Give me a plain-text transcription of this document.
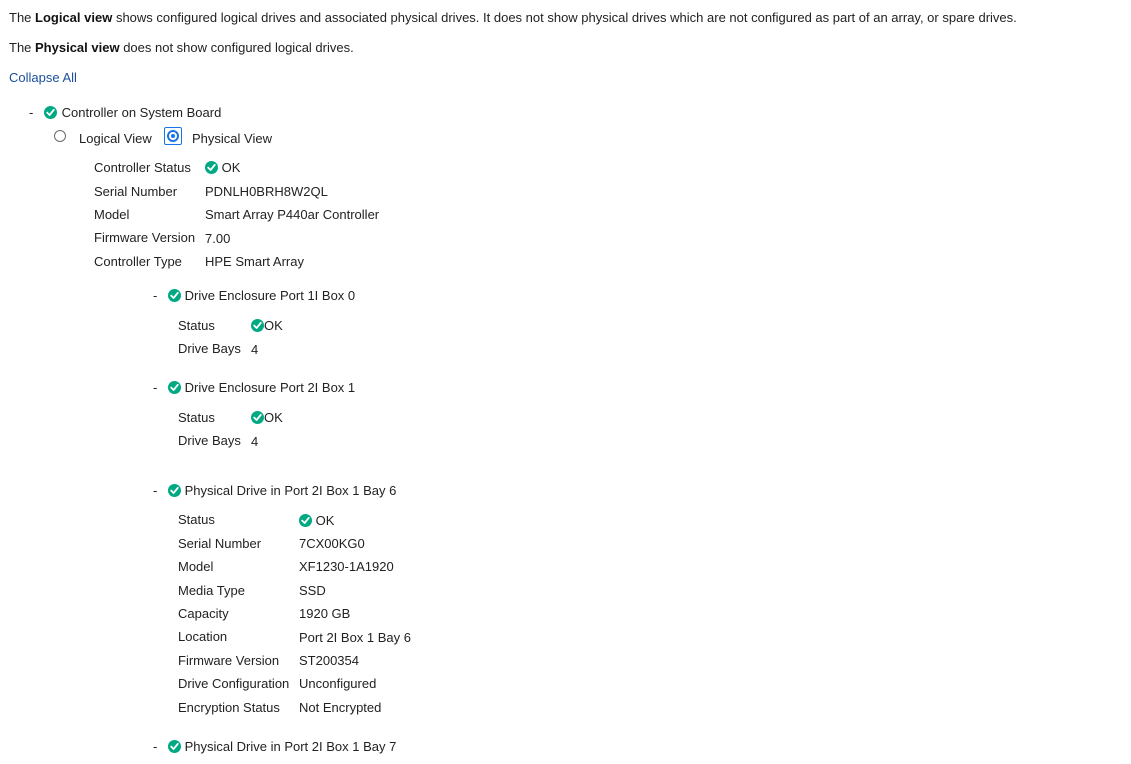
The Logical view shows configured logical drives and associated physical drives. It does not show physical drives which are not configured as part of an array, or spare drives.
The Physical view does not show configured logical drives.
Collapse All
-	Controller on System Board
Logical View	Physical View
Controller Status	OK
Serial Number PDNLH0BRH8W2QL
Model	Smart Array P440ar Controller
Firmware Version 7.00
Controller Type HPE Smart Array
-	Drive Enclosure Port 1I Box 0
Status	OK
Drive Bays 4
-	Drive Enclosure Port 2I Box 1
Status	OK
Drive Bays 4
-	Physical Drive in Port 2I Box 1 Bay 6
Status	OK
Serial Number	7CX00KG0
Model	XF1230-1A1920
Media Type	SSD
Capacity	1920 GB
Location	Port 2I Box 1 Bay 6
Firmware Version ST200354
Drive Configuration Unconfigured
Encryption Status Not Encrypted
-	Physical Drive in Port 2I Box 1 Bay 7
